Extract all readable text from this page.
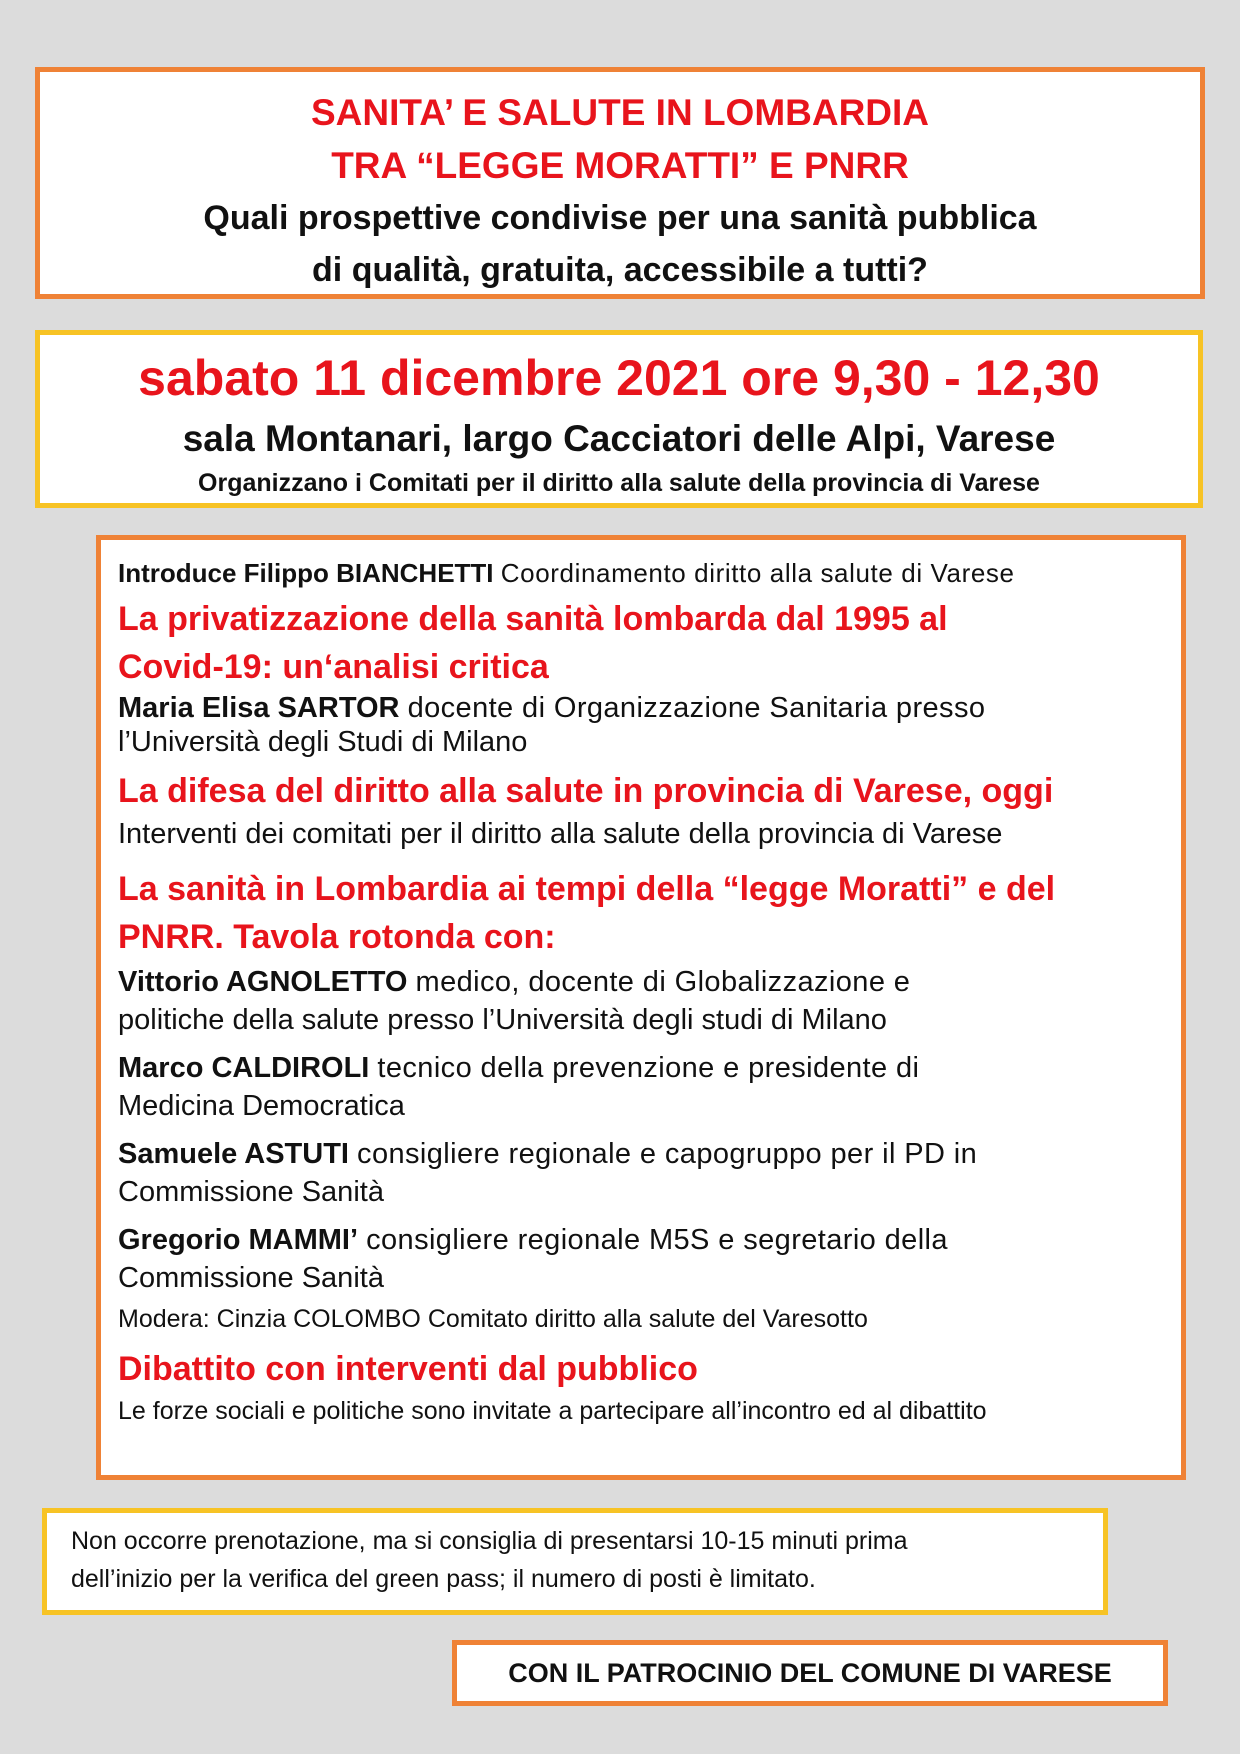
SANITA’ E SALUTE IN LOMBARDIA
TRA “LEGGE MORATTI” E PNRR
Quali prospettive condivise per una sanità pubblica
di qualità, gratuita, accessibile a tutti?
sabato 11 dicembre 2021 ore 9,30 - 12,30
sala Montanari, largo Cacciatori delle Alpi, Varese
Organizzano i Comitati per il diritto alla salute della provincia di Varese
Introduce Filippo BIANCHETTI Coordinamento diritto alla salute di Varese
La privatizzazione della sanità lombarda dal 1995 al
Covid-19: un‘analisi critica
Maria Elisa SARTOR docente di Organizzazione Sanitaria presso
l’Università degli Studi di Milano
La difesa del diritto alla salute in provincia di Varese, oggi
Interventi dei comitati per il diritto alla salute della provincia di Varese
La sanità in Lombardia ai tempi della “legge Moratti” e del
PNRR. Tavola rotonda con:
Vittorio AGNOLETTO medico, docente di Globalizzazione e
politiche della salute presso l’Università degli studi di Milano
Marco CALDIROLI tecnico della prevenzione e presidente di
Medicina Democratica
Samuele ASTUTI consigliere regionale e capogruppo per il PD in
Commissione Sanità
Gregorio MAMMI’ consigliere regionale M5S e segretario della
Commissione Sanità
Modera: Cinzia COLOMBO Comitato diritto alla salute del Varesotto
Dibattito con interventi dal pubblico
Le forze sociali e politiche sono invitate a partecipare all’incontro ed al dibattito
Non occorre prenotazione, ma si consiglia di presentarsi 10-15 minuti prima
dell’inizio per la verifica del green pass; il numero di posti è limitato.
CON IL PATROCINIO DEL COMUNE DI VARESE
